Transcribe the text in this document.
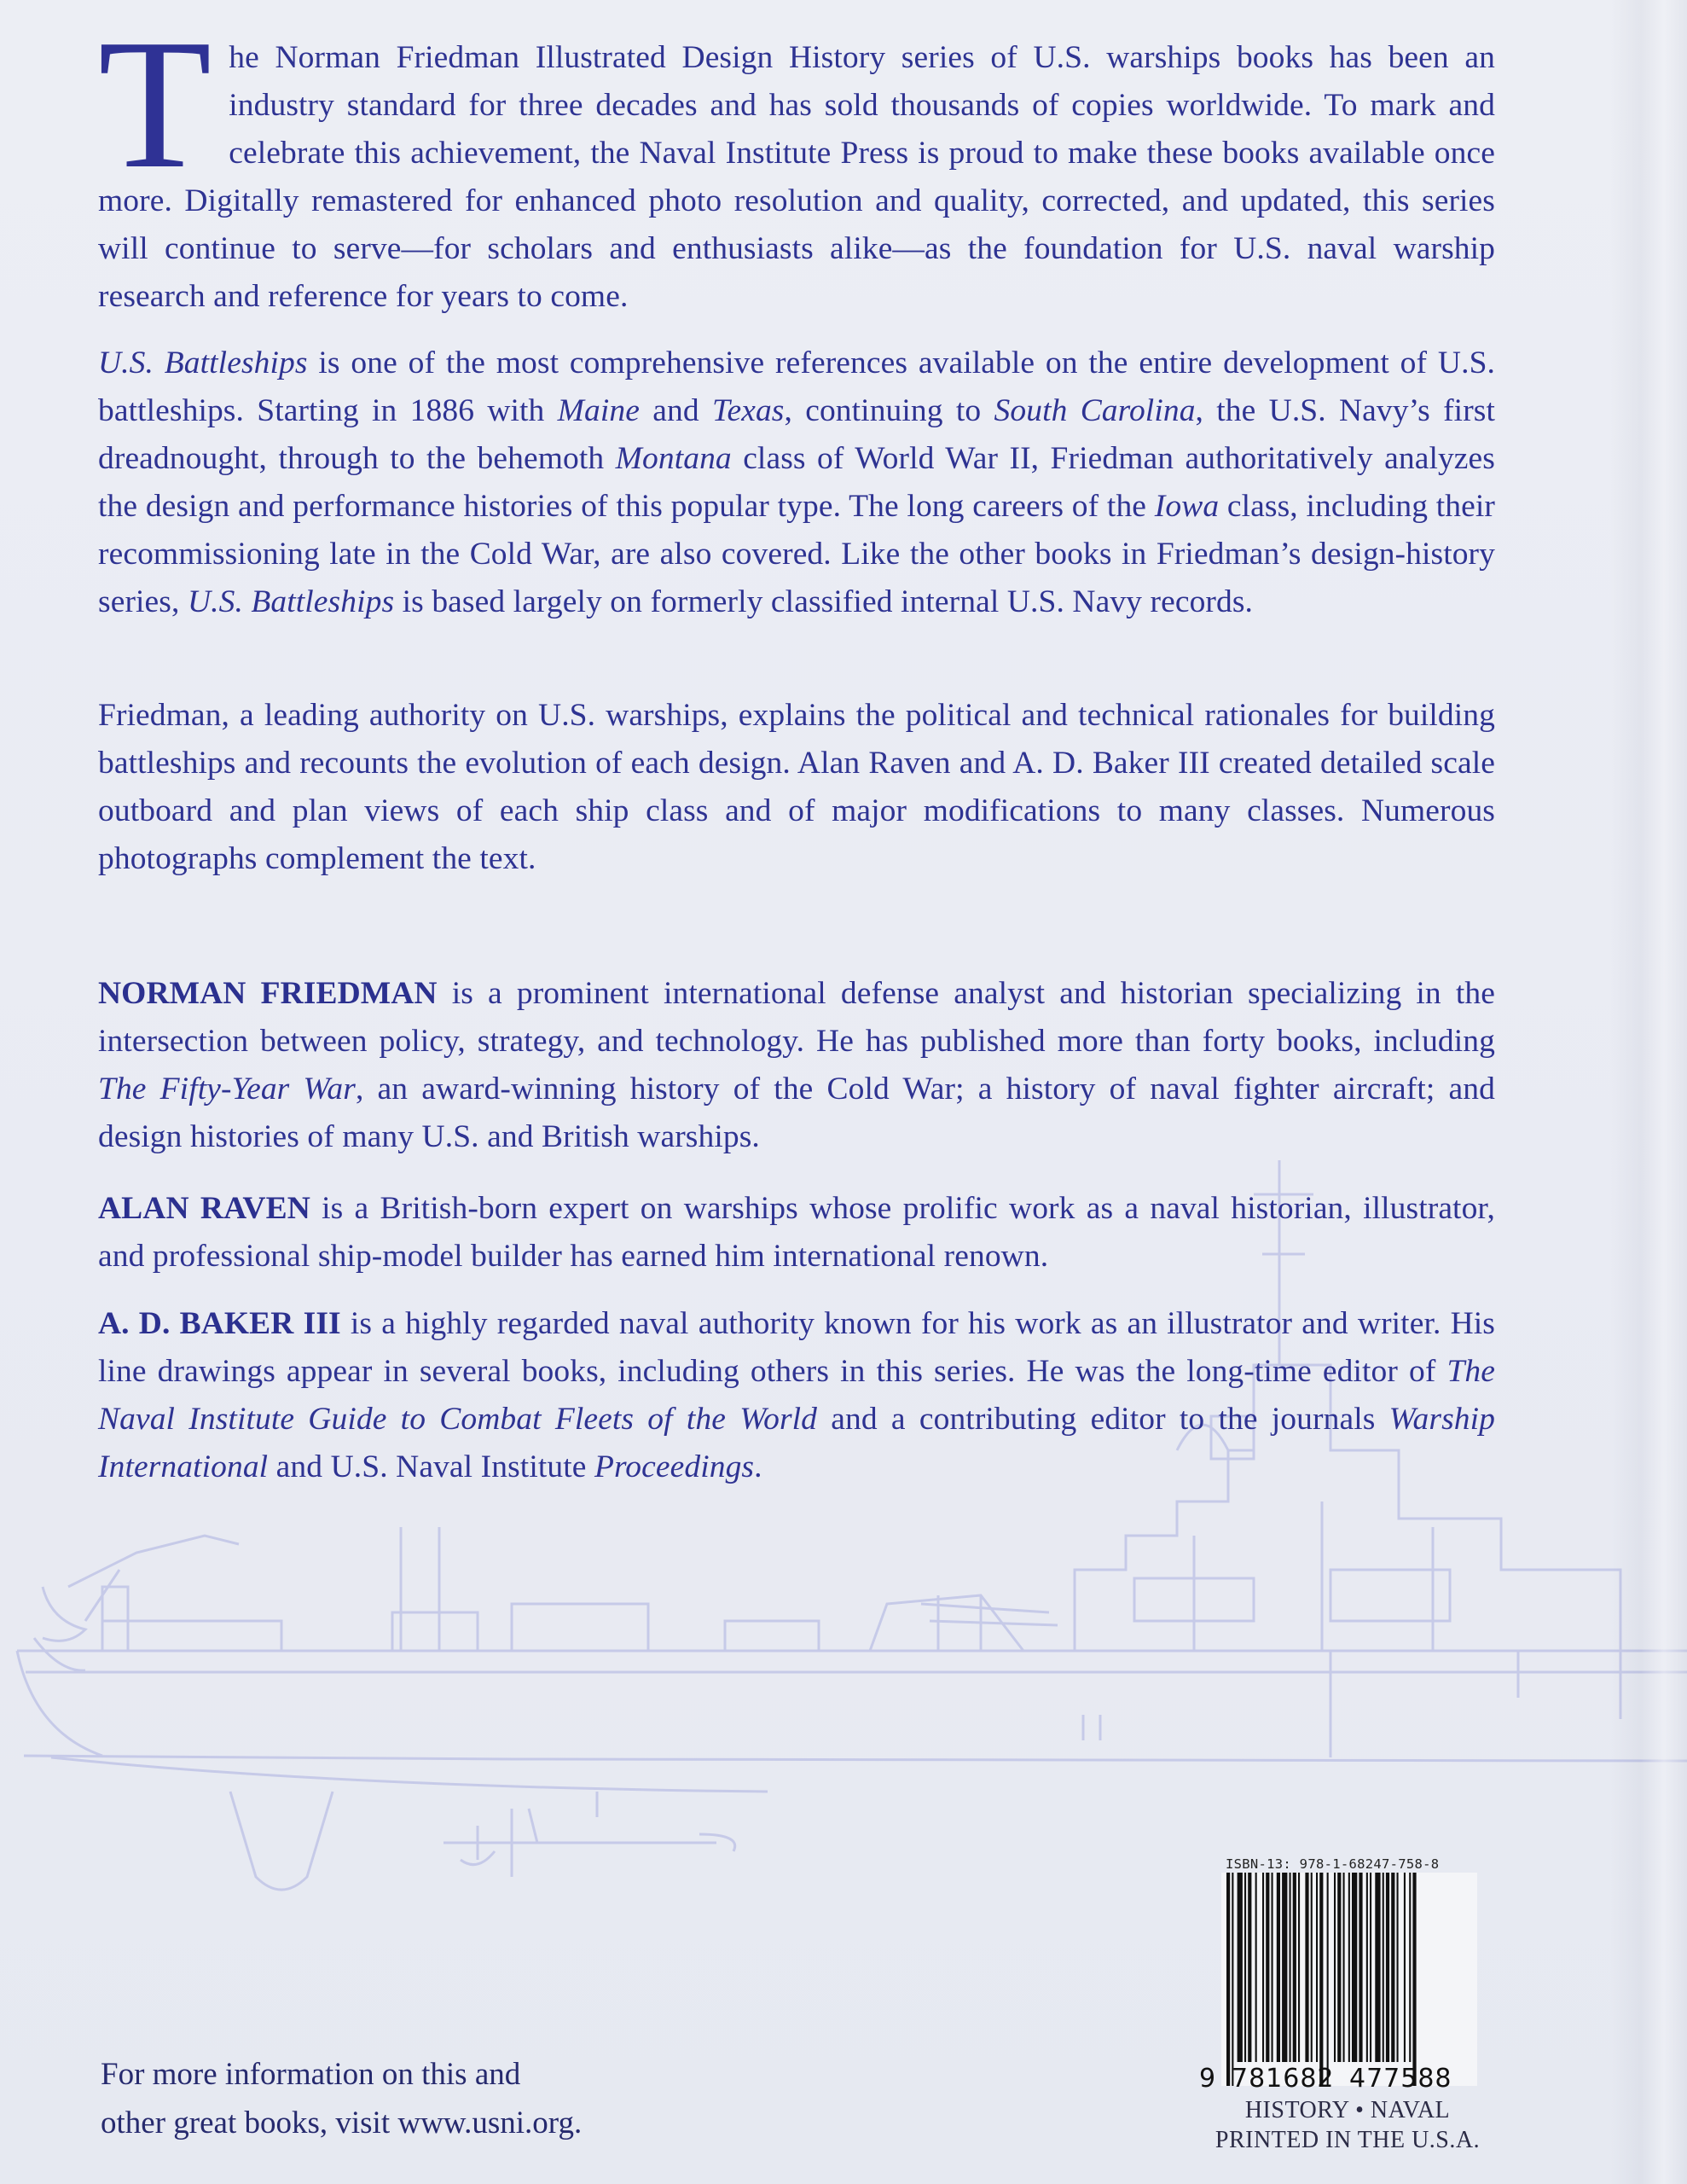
The Norman Friedman Illustrated Design History series of U.S. warships books has been an industry standard for three decades and has sold thousands of copies worldwide. To mark and celebrate this achievement, the Naval Institute Press is proud to make these books available once more. Digitally remastered for enhanced photo resolution and quality, corrected, and updated, this series will continue to serve—for scholars and enthusiasts alike—as the foundation for U.S. naval warship research and reference for years to come.

U.S. Battleships is one of the most comprehensive references available on the entire development of U.S. battleships. Starting in 1886 with Maine and Texas, continuing to South Carolina, the U.S. Navy’s first dreadnought, through to the behemoth Montana class of World War II, Friedman authoritatively analyzes the design and performance histories of this popular type. The long careers of the Iowa class, including their recommissioning late in the Cold War, are also covered. Like the other books in Friedman’s design-history series, U.S. Battleships is based largely on formerly classified internal U.S. Navy records.

Friedman, a leading authority on U.S. warships, explains the political and technical rationales for building battleships and recounts the evolution of each design. Alan Raven and A. D. Baker III created detailed scale outboard and plan views of each ship class and of major modifications to many classes. Numerous photographs complement the text.

NORMAN FRIEDMAN is a prominent international defense analyst and historian specializing in the intersection between policy, strategy, and technology. He has published more than forty books, including The Fifty-Year War, an award-winning history of the Cold War; a history of naval fighter aircraft; and design histories of many U.S. and British warships.

ALAN RAVEN is a British-born expert on warships whose prolific work as a naval historian, illustrator, and professional ship-model builder has earned him international renown.

A. D. BAKER III is a highly regarded naval authority known for his work as an illustrator and writer. His line drawings appear in several books, including others in this series. He was the long-time editor of The Naval Institute Guide to Combat Fleets of the World and a contributing editor to the journals Warship International and U.S. Naval Institute Proceedings.

For more information on this and
other great books, visit www.usni.org.
ISBN-13: 978-1-68247-758-8
9 781682 477588
HISTORY • NAVAL
PRINTED IN THE U.S.A.
